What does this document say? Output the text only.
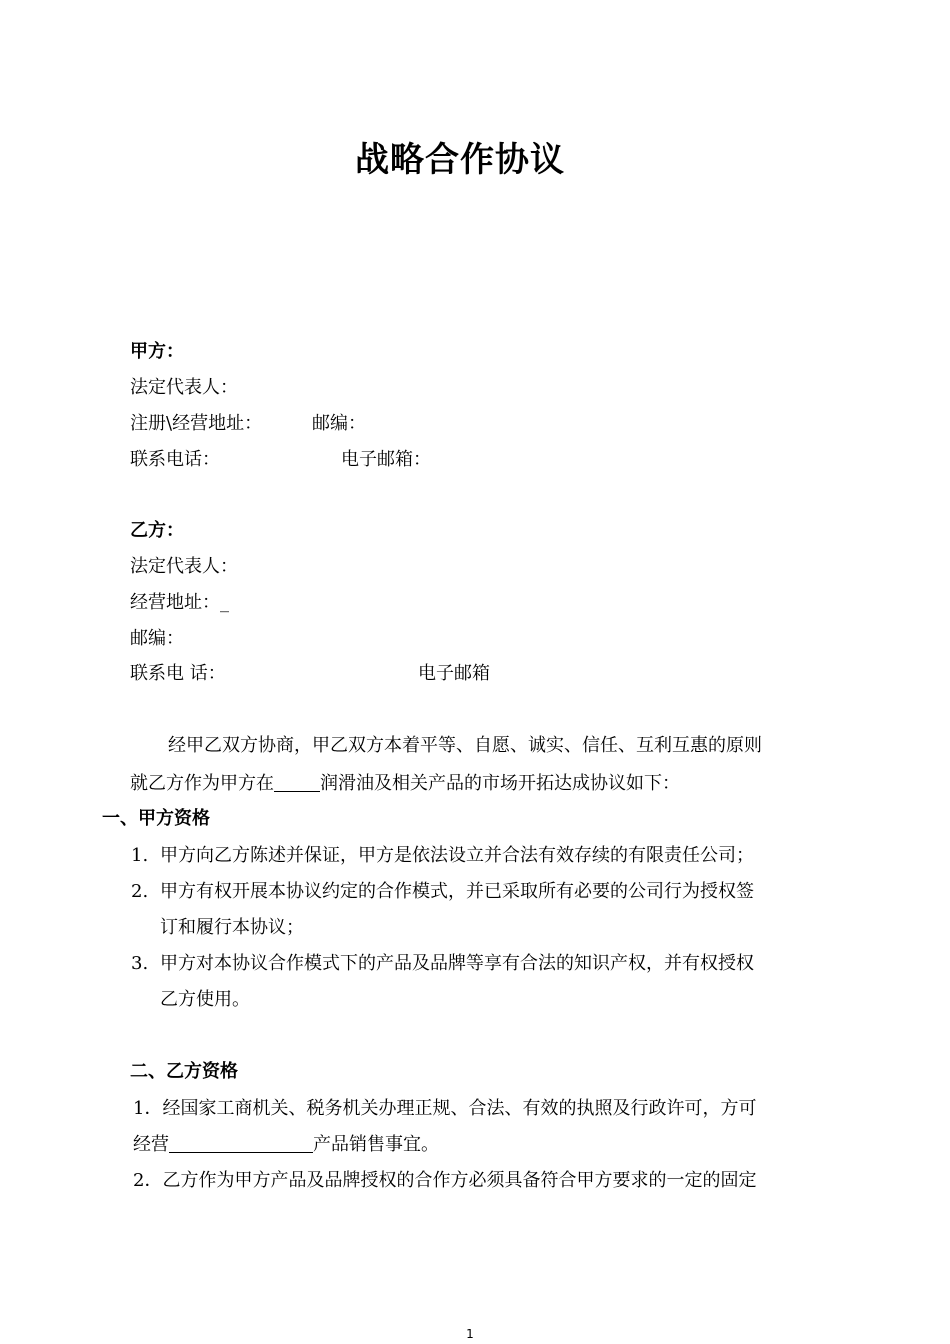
战略合作协议
甲方：
法定代表人：
注册\经营地址：	邮编：
联系电话：	电子邮箱：
乙方：
法定代表人：
经营地址：_
邮编：
联系电 话：	电子邮箱
经甲乙双方协商，甲乙双方本着平等、自愿、诚实、信任、互利互惠的原则
就乙方作为甲方在	润滑油及相关产品的市场开拓达成协议如下：
一、甲方资格
1. 甲方向乙方陈述并保证，甲方是依法设立并合法有效存续的有限责任公司；
2. 甲方有权开展本协议约定的合作模式，并已采取所有必要的公司行为授权签
订和履行本协议；
3. 甲方对本协议合作模式下的产品及品牌等享有合法的知识产权，并有权授权
乙方使用。
二、乙方资格
1．经国家工商机关、税务机关办理正规、合法、有效的执照及行政许可，方可
经营	产品销售事宜。
2．乙方作为甲方产品及品牌授权的合作方必须具备符合甲方要求的一定的固定
1
